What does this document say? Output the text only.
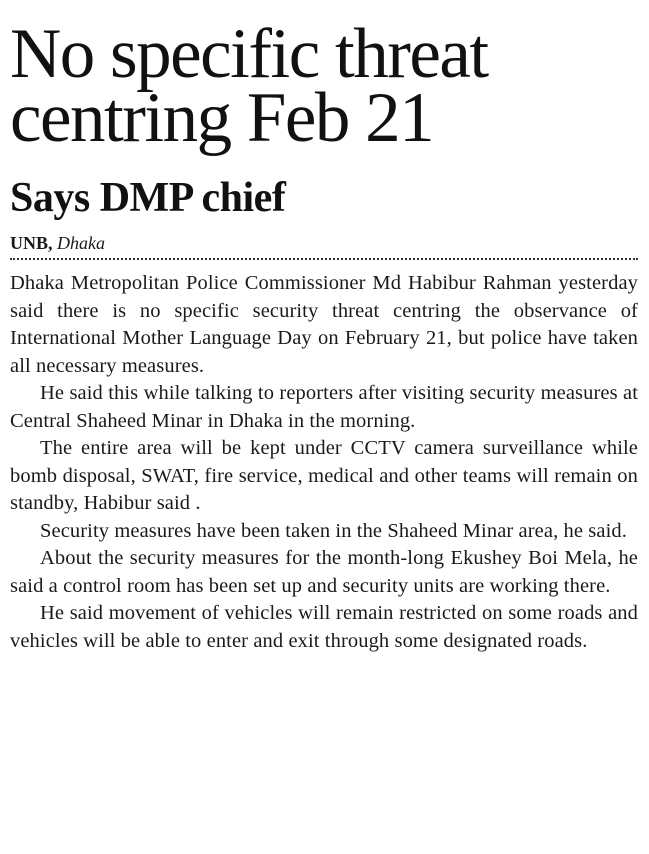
No specific threat
centring Feb 21
Says DMP chief
UNB, Dhaka

Dhaka Metropolitan Police Commissioner Md Habibur Rahman yesterday said there is no specific security threat centring the observance of International Mother Language Day on February 21, but police have taken all necessary measures.

He said this while talking to reporters after visiting security measures at Central Shaheed Minar in Dhaka in the morning.

The entire area will be kept under CCTV camera surveillance while bomb disposal, SWAT, fire service, medical and other teams will remain on standby, Habibur said .

Security measures have been taken in the Shaheed Minar area, he said.

About the security measures for the month-long Ekushey Boi Mela, he said a control room has been set up and security units are working there.

He said movement of vehicles will remain restricted on some roads and vehicles will be able to enter and exit through some designated roads.
